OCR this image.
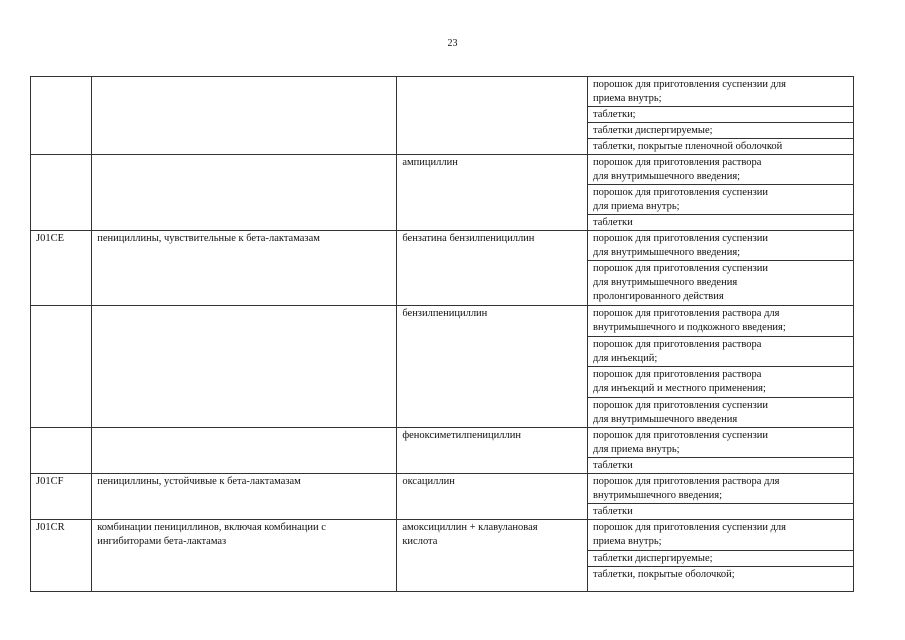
23

			порошок для приготовления суспензии для
приема внутрь;

			таблетки;

			таблетки диспергируемые;

			таблетки, покрытые пленочной оболочкой

		ампициллин	порошок для приготовления раствора
для внутримышечного введения;

			порошок для приготовления суспензии
для приема внутрь;

			таблетки

J01CE	пенициллины, чувствительные к бета-лактамазам	бензатина бензилпенициллин	порошок для приготовления суспензии
для внутримышечного введения;

			порошок для приготовления суспензии
для внутримышечного введения
пролонгированного действия

		бензилпенициллин	порошок для приготовления раствора для
внутримышечного и подкожного введения;

			порошок для приготовления раствора
для инъекций;

			порошок для приготовления раствора
для инъекций и местного применения;

			порошок для приготовления суспензии
для внутримышечного введения

		феноксиметилпенициллин	порошок для приготовления суспензии
для приема внутрь;

			таблетки

J01CF	пенициллины, устойчивые к бета-лактамазам	оксациллин	порошок для приготовления раствора для
внутримышечного введения;

			таблетки

J01CR	комбинации пенициллинов, включая комбинации с
ингибиторами бета-лактамаз	амоксициллин + клавулановая
кислота	порошок для приготовления суспензии для
приема внутрь;

			таблетки диспергируемые;

			таблетки, покрытые оболочкой;
